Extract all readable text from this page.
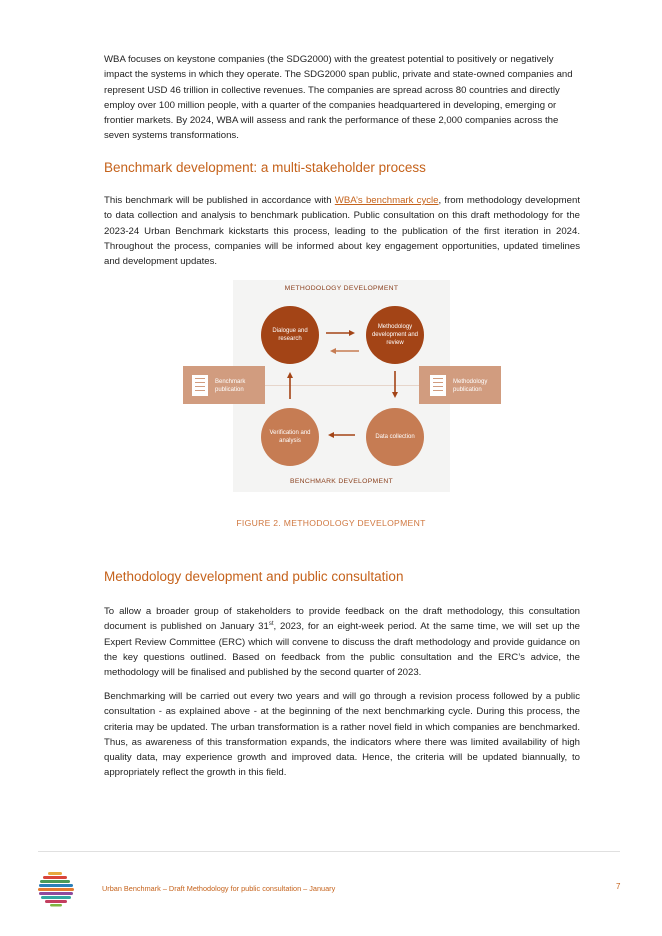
WBA focuses on keystone companies (the SDG2000) with the greatest potential to positively or negatively impact the systems in which they operate. The SDG2000 span public, private and state-owned companies and represent USD 46 trillion in collective revenues. The companies are spread across 80 countries and directly employ over 100 million people, with a quarter of the companies headquartered in developing, emerging or frontier markets. By 2024, WBA will assess and rank the performance of these 2,000 companies across the seven systems transformations.

Benchmark development: a multi-stakeholder process

This benchmark will be published in accordance with WBA’s benchmark cycle, from methodology development to data collection and analysis to benchmark publication. Public consultation on this draft methodology for the 2023-24 Urban Benchmark kickstarts this process, leading to the publication of the first iteration in 2024. Throughout the process, companies will be informed about key engagement opportunities, updated timelines and development updates.

METHODOLOGY DEVELOPMENT
BENCHMARK DEVELOPMENT
Dialogue and research
Methodology development and review
Verification and analysis
Data collection
Benchmark publication
Methodology publication
FIGURE 2. METHODOLOGY DEVELOPMENT
Methodology development and public consultation

To allow a broader group of stakeholders to provide feedback on the draft methodology, this consultation document is published on January 31st, 2023, for an eight-week period. At the same time, we will set up the Expert Review Committee (ERC) which will convene to discuss the draft methodology and provide guidance on the key questions outlined. Based on feedback from the public consultation and the ERC’s advice, the methodology will be finalised and published by the second quarter of 2023.

Benchmarking will be carried out every two years and will go through a revision process followed by a public consultation - as explained above - at the beginning of the next benchmarking cycle. During this process, the criteria may be updated. The urban transformation is a rather novel field in which companies are benchmarked. Thus, as awareness of this transformation expands, the indicators where there was limited availability of high quality data, may experience growth and improved data. Hence, the criteria will be updated biannually, to appropriately reflect the growth in this field.

Urban Benchmark – Draft Methodology for public consultation – January	7
